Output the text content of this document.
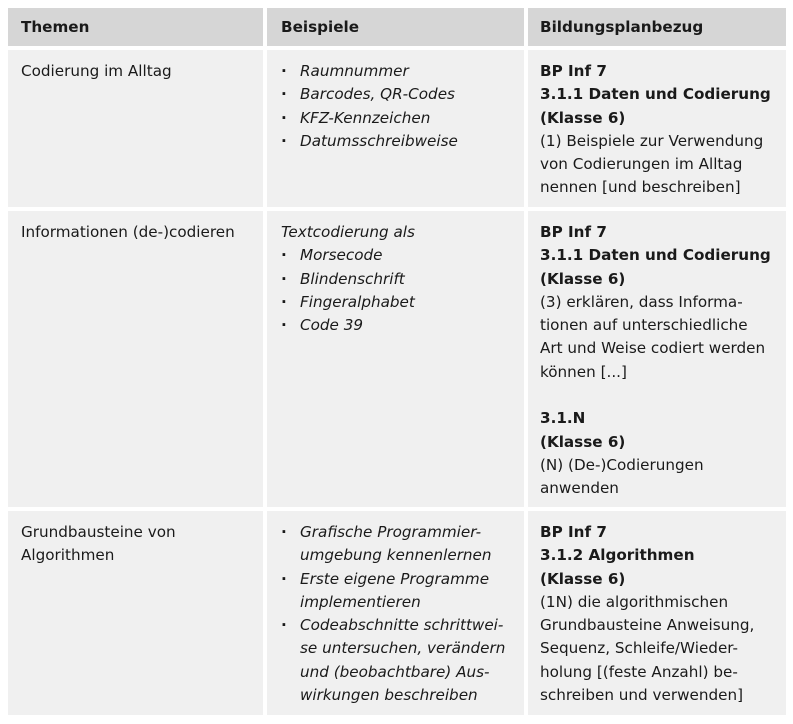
Themen	Beispiele	Bildungsplanbezug
Codierung im Alltag
·	Raumnummer
· Barcodes, QR-Codes
· KFZ-Kennzeichen
· Datumsschreibweise
BP Inf 7
3.1.1 Daten und Codierung
(Klasse 6)
(1) Beispiele zur Verwendung
von Codierungen im Alltag
nennen [und beschreiben]
Informationen (de-)codieren	Textcodierung als
· Morsecode
· Blindenschrift
· Fingeralphabet
· Code 39
BP Inf 7
3.1.1 Daten und Codierung
(Klasse 6)
(3) erklären, dass Informa-
tionen auf unterschiedliche
Art und Weise codiert werden
können [...]
3.1.N
(Klasse 6)
(N) (De-)Codierungen
anwenden
Grundbausteine von
Algorithmen
· Grafische Programmier-
umgebung kennenlernen
· Erste eigene Programme
implementieren
· Codeabschnitte schrittwei-
se untersuchen, verändern
und (beobachtbare) Aus-
wirkungen beschreiben
BP Inf 7
3.1.2 Algorithmen
(Klasse 6)
(1N) die algorithmischen
Grundbausteine Anweisung,
Sequenz, Schleife/Wieder-
holung [(feste Anzahl) be-
schreiben und verwenden]
